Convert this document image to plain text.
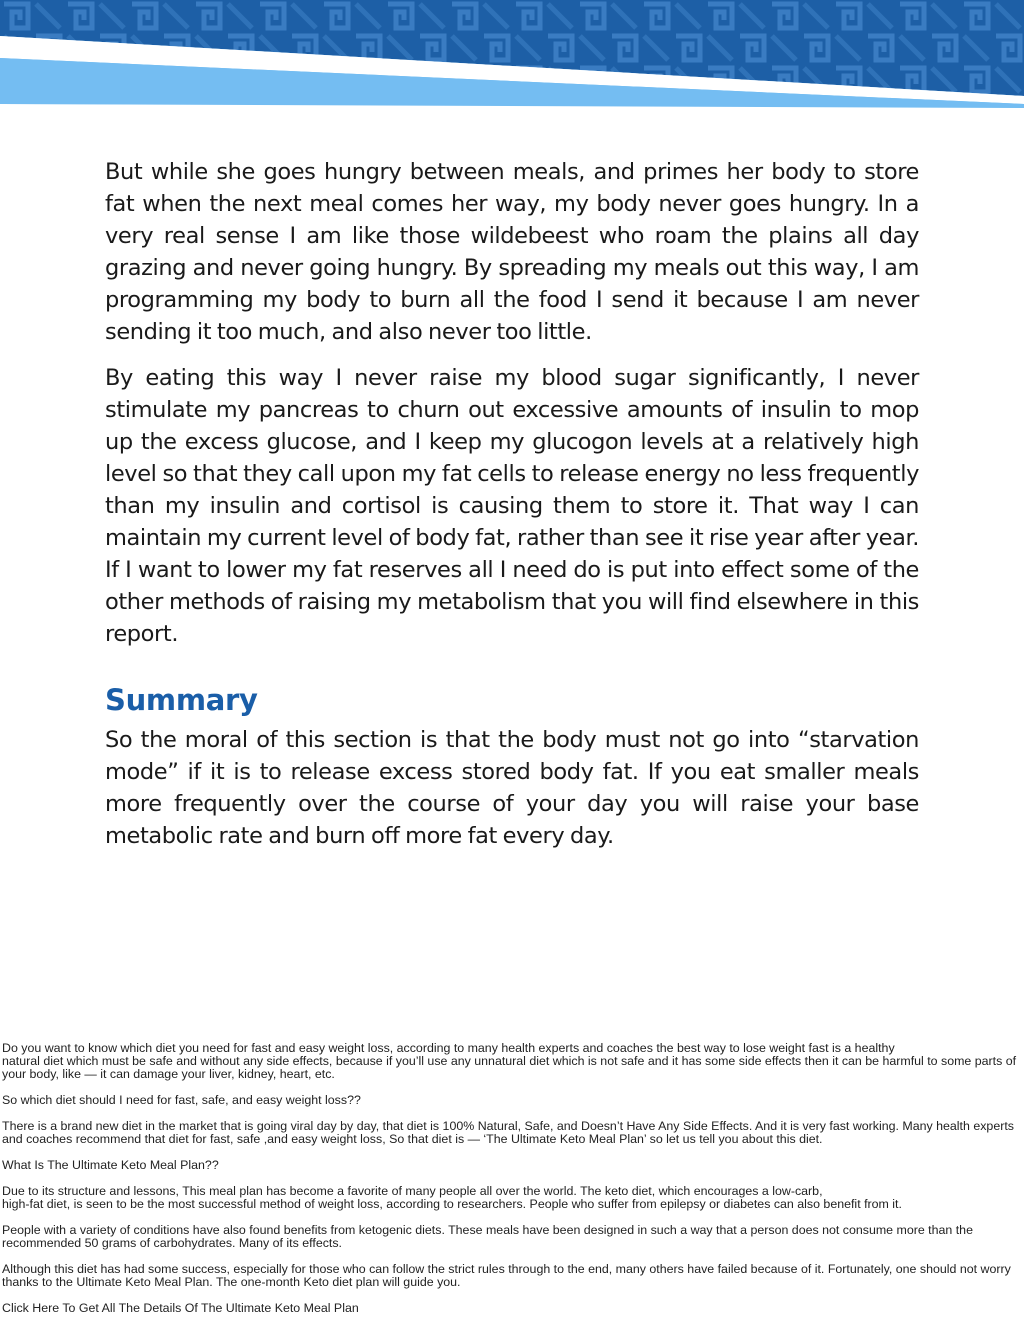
But while she goes hungry between meals, and primes her body to store fat when the next meal comes her way, my body never goes hungry. In a very real sense I am like those wildebeest who roam the plains all day grazing and never going hungry. By spreading my meals out this way, I am programming my body to burn all the food I send it because I am never sending it too much, and also never too little.

By eating this way I never raise my blood sugar significantly, I never stimulate my pancreas to churn out excessive amounts of insulin to mop up the excess glucose, and I keep my glucogon levels at a relatively high level so that they call upon my fat cells to release energy no less frequently than my insulin and cortisol is causing them to store it. That way I can maintain my current level of body fat, rather than see it rise year after year. If I want to lower my fat reserves all I need do is put into effect some of the other methods of raising my metabolism that you will find elsewhere in this report.

Summary

So the moral of this section is that the body must not go into “starvation mode” if it is to release excess stored body fat. If you eat smaller meals more frequently over the course of your day you will raise your base metabolic rate and burn off more fat every day.

Do you want to know which diet you need for fast and easy weight loss, according to many health experts and coaches the best way to lose weight fast is a healthy
natural diet which must be safe and without any side effects, because if you’ll use any unnatural diet which is not safe and it has some side effects then it can be harmful to some parts of your body, like — it can damage your liver, kidney, heart, etc.

So which diet should I need for fast, safe, and easy weight loss??

There is a brand new diet in the market that is going viral day by day, that diet is 100% Natural, Safe, and Doesn’t Have Any Side Effects. And it is very fast working. Many health experts and coaches recommend that diet for fast, safe ,and easy weight loss, So that diet is — ‘The Ultimate Keto Meal Plan’ so let us tell you about this diet.

What Is The Ultimate Keto Meal Plan??

Due to its structure and lessons, This meal plan has become a favorite of many people all over the world. The keto diet, which encourages a low-carb,
high-fat diet, is seen to be the most successful method of weight loss, according to researchers. People who suffer from epilepsy or diabetes can also benefit from it.

People with a variety of conditions have also found benefits from ketogenic diets. These meals have been designed in such a way that a person does not consume more than the recommended 50 grams of carbohydrates. Many of its effects.

Although this diet has had some success, especially for those who can follow the strict rules through to the end, many others have failed because of it. Fortunately, one should not worry thanks to the Ultimate Keto Meal Plan. The one-month Keto diet plan will guide you.

Click Here To Get All The Details Of The Ultimate Keto Meal Plan
